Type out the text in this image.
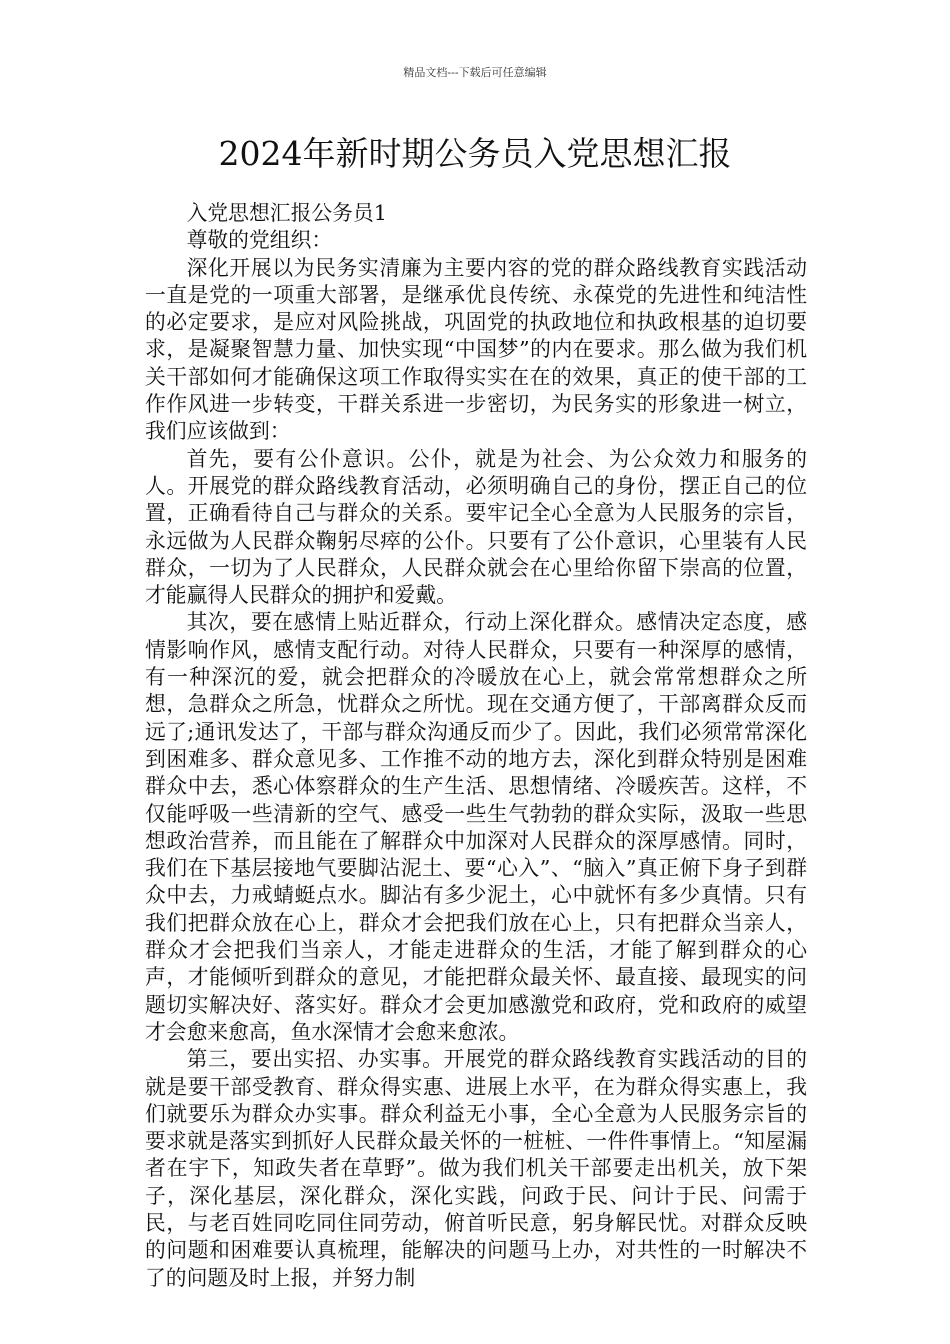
精品文档---下载后可任意编辑
2024年新时期公务员入党思想汇报

入党思想汇报公务员1

尊敬的党组织：

深化开展以为民务实清廉为主要内容的党的群众路线教育实践活动一直是党的一项重大部署，是继承优良传统、永葆党的先进性和纯洁性的必定要求，是应对风险挑战，巩固党的执政地位和执政根基的迫切要求，是凝聚智慧力量、加快实现“中国梦”的内在要求。那么做为我们机关干部如何才能确保这项工作取得实实在在的效果，真正的使干部的工作作风进一步转变，干群关系进一步密切，为民务实的形象进一树立，我们应该做到：

首先，要有公仆意识。公仆，就是为社会、为公众效力和服务的人。开展党的群众路线教育活动，必须明确自己的身份，摆正自己的位置，正确看待自己与群众的关系。要牢记全心全意为人民服务的宗旨，永远做为人民群众鞠躬尽瘁的公仆。只要有了公仆意识，心里装有人民群众，一切为了人民群众，人民群众就会在心里给你留下崇高的位置，才能赢得人民群众的拥护和爱戴。

其次，要在感情上贴近群众，行动上深化群众。感情决定态度，感情影响作风，感情支配行动。对待人民群众，只要有一种深厚的感情，有一种深沉的爱，就会把群众的冷暖放在心上，就会常常想群众之所想，急群众之所急，忧群众之所忧。现在交通方便了，干部离群众反而远了;通讯发达了，干部与群众沟通反而少了。因此，我们必须常常深化到困难多、群众意见多、工作推不动的地方去，深化到群众特别是困难群众中去，悉心体察群众的生产生活、思想情绪、冷暖疾苦。这样，不仅能呼吸一些清新的空气、感受一些生气勃勃的群众实际，汲取一些思想政治营养，而且能在了解群众中加深对人民群众的深厚感情。同时，我们在下基层接地气要脚沾泥土、要“心入”、“脑入”真正俯下身子到群众中去，力戒蜻蜓点水。脚沾有多少泥土，心中就怀有多少真情。只有我们把群众放在心上，群众才会把我们放在心上，只有把群众当亲人，群众才会把我们当亲人，才能走进群众的生活，才能了解到群众的心声，才能倾听到群众的意见，才能把群众最关怀、最直接、最现实的问题切实解决好、落实好。群众才会更加感激党和政府，党和政府的威望才会愈来愈高，鱼水深情才会愈来愈浓。

第三，要出实招、办实事。开展党的群众路线教育实践活动的目的就是要干部受教育、群众得实惠、进展上水平，在为群众得实惠上，我们就要乐为群众办实事。群众利益无小事，全心全意为人民服务宗旨的要求就是落实到抓好人民群众最关怀的一桩桩、一件件事情上。“知屋漏者在宇下，知政失者在草野”。做为我们机关干部要走出机关，放下架子，深化基层，深化群众，深化实践，问政于民、问计于民、问需于民，与老百姓同吃同住同劳动，俯首听民意，躬身解民忧。对群众反映的问题和困难要认真梳理，能解决的问题马上办，对共性的一时解决不了的问题及时上报，并努力制
